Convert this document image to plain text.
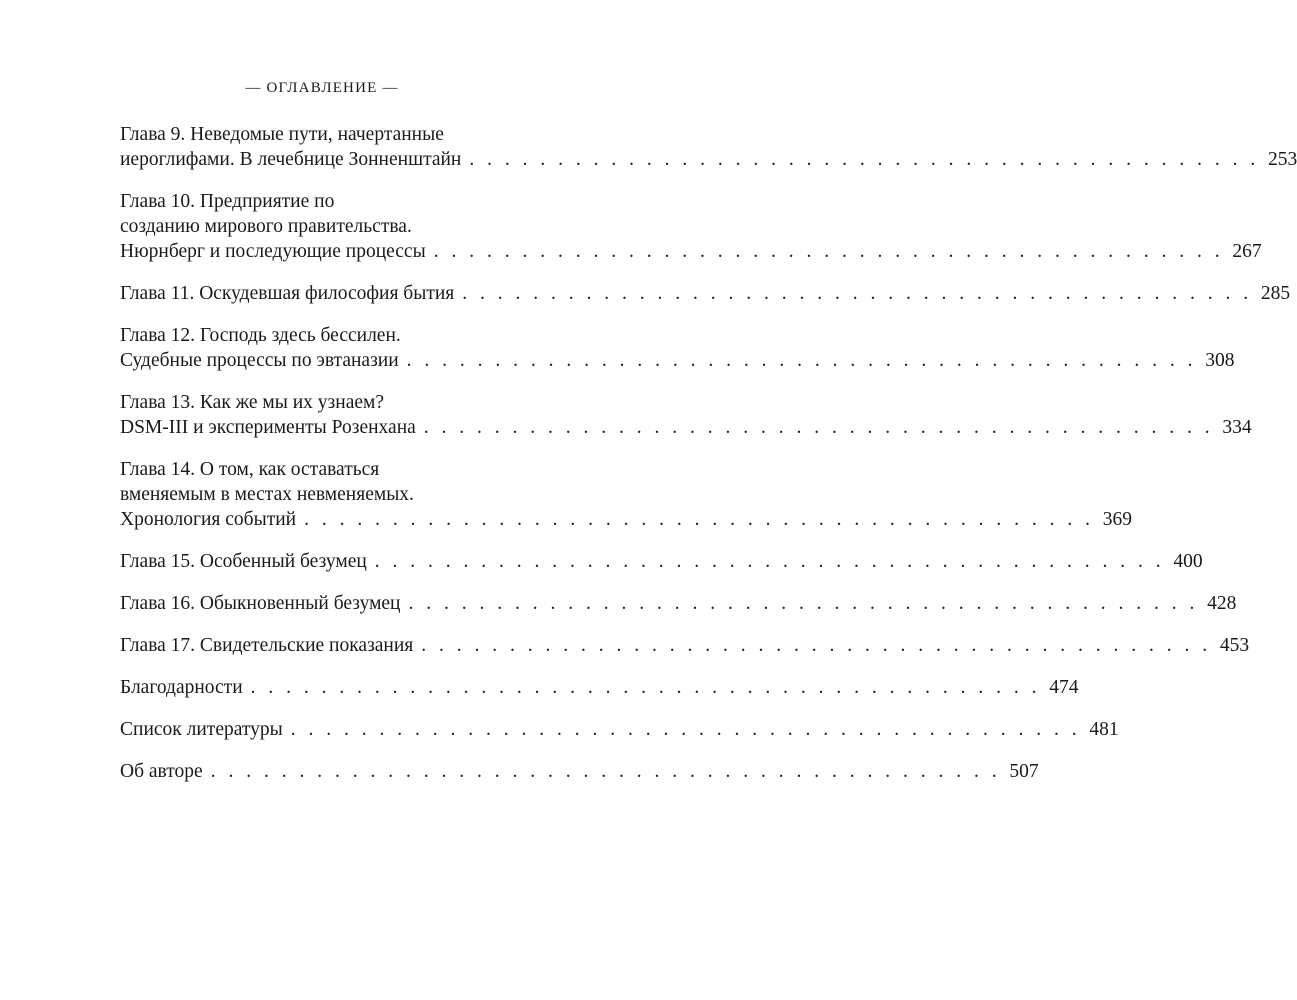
— ОГЛАВЛЕНИЕ —
Глава 9. Неведомые пути, начертанные
иероглифами. В лечебнице Зонненштайн . . . . . . . . . . . . . . . . . . . . . . . . . . . . . . . . . . . . . . . . . . . . . 253
Глава 10. Предприятие по
созданию мирового правительства.
Нюрнберг и последующие процессы . . . . . . . . . . . . . . . . . . . . . . . . . . . . . . . . . . . . . . . . . . . . . 267
Глава 11. Оскудевшая философия бытия . . . . . . . . . . . . . . . . . . . . . . . . . . . . . . . . . . . . . . . . . . . . . 285
Глава 12. Господь здесь бессилен.
Судебные процессы по эвтаназии . . . . . . . . . . . . . . . . . . . . . . . . . . . . . . . . . . . . . . . . . . . . . 308
Глава 13. Как же мы их узнаем?
DSM-III и эксперименты Розенхана . . . . . . . . . . . . . . . . . . . . . . . . . . . . . . . . . . . . . . . . . . . . . 334
Глава 14. О том, как оставаться
вменяемым в местах невменяемых.
Хронология событий . . . . . . . . . . . . . . . . . . . . . . . . . . . . . . . . . . . . . . . . . . . . . 369
Глава 15. Особенный безумец . . . . . . . . . . . . . . . . . . . . . . . . . . . . . . . . . . . . . . . . . . . . . 400
Глава 16. Обыкновенный безумец . . . . . . . . . . . . . . . . . . . . . . . . . . . . . . . . . . . . . . . . . . . . . 428
Глава 17. Свидетельские показания . . . . . . . . . . . . . . . . . . . . . . . . . . . . . . . . . . . . . . . . . . . . . 453
Благодарности . . . . . . . . . . . . . . . . . . . . . . . . . . . . . . . . . . . . . . . . . . . . . 474
Список литературы . . . . . . . . . . . . . . . . . . . . . . . . . . . . . . . . . . . . . . . . . . . . . 481
Об авторе . . . . . . . . . . . . . . . . . . . . . . . . . . . . . . . . . . . . . . . . . . . . . 507
